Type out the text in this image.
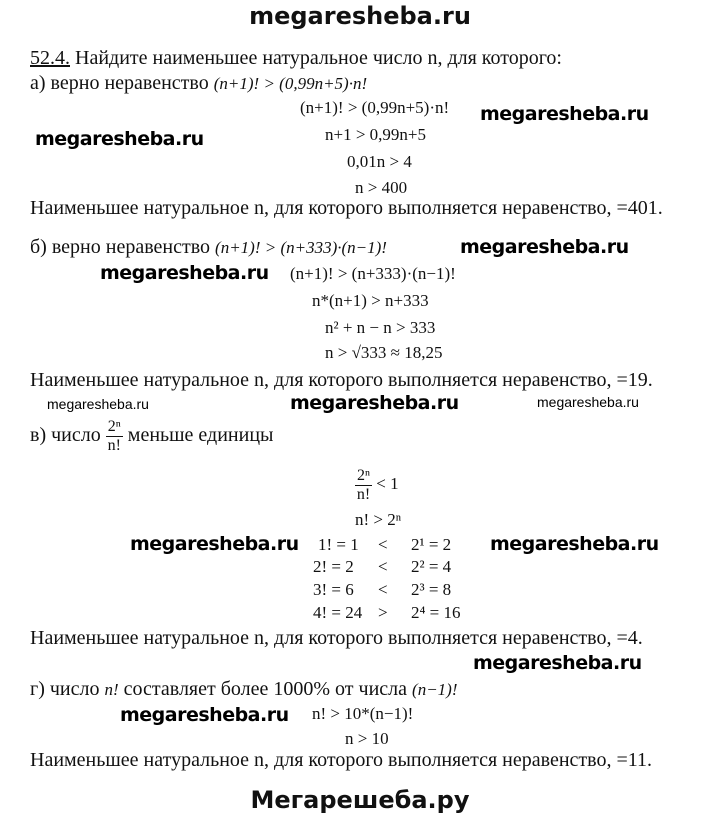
megaresheba.ru
52.4. Найдите наименьшее натуральное число n, для которого:
а) верно неравенство (n+1)! > (0,99n+5)·n!
(n+1)! > (0,99n+5)·n!
n+1 > 0,99n+5
0,01n > 4
n > 400
Наименьшее натуральное n, для которого выполняется неравенство, =401.
б) верно неравенство (n+1)! > (n+333)·(n−1)!
(n+1)! > (n+333)·(n−1)!
n*(n+1) > n+333
n² + n − n > 333
n > √333 ≈ 18,25
Наименьшее натуральное n, для которого выполняется неравенство, =19.
в) число $\frac{\text{2ⁿ}}{n!}$ меньше единицы
$\frac{\text{2ⁿ}}{n!} < 1$
n! > 2ⁿ
1! = 1 < 2¹ = 2
2! = 2 < 2² = 4
3! = 6 < 2³ = 8
4! = 24 > 2⁴ = 16
Наименьшее натуральное n, для которого выполняется неравенство, =4.
г) число n! составляет более 1000% от числа (n−1)!
n! > 10*(n−1)!
n > 10
Наименьшее натуральное n, для которого выполняется неравенство, =11.
Мегарешеба.ру
megaresheba.ru
megaresheba.ru
megaresheba.ru
megaresheba.ru
megaresheba.ru	megaresheba.ru
megaresheba.ru
megaresheba.ru	megaresheba.ru
megaresheba.ru
megaresheba.ru
